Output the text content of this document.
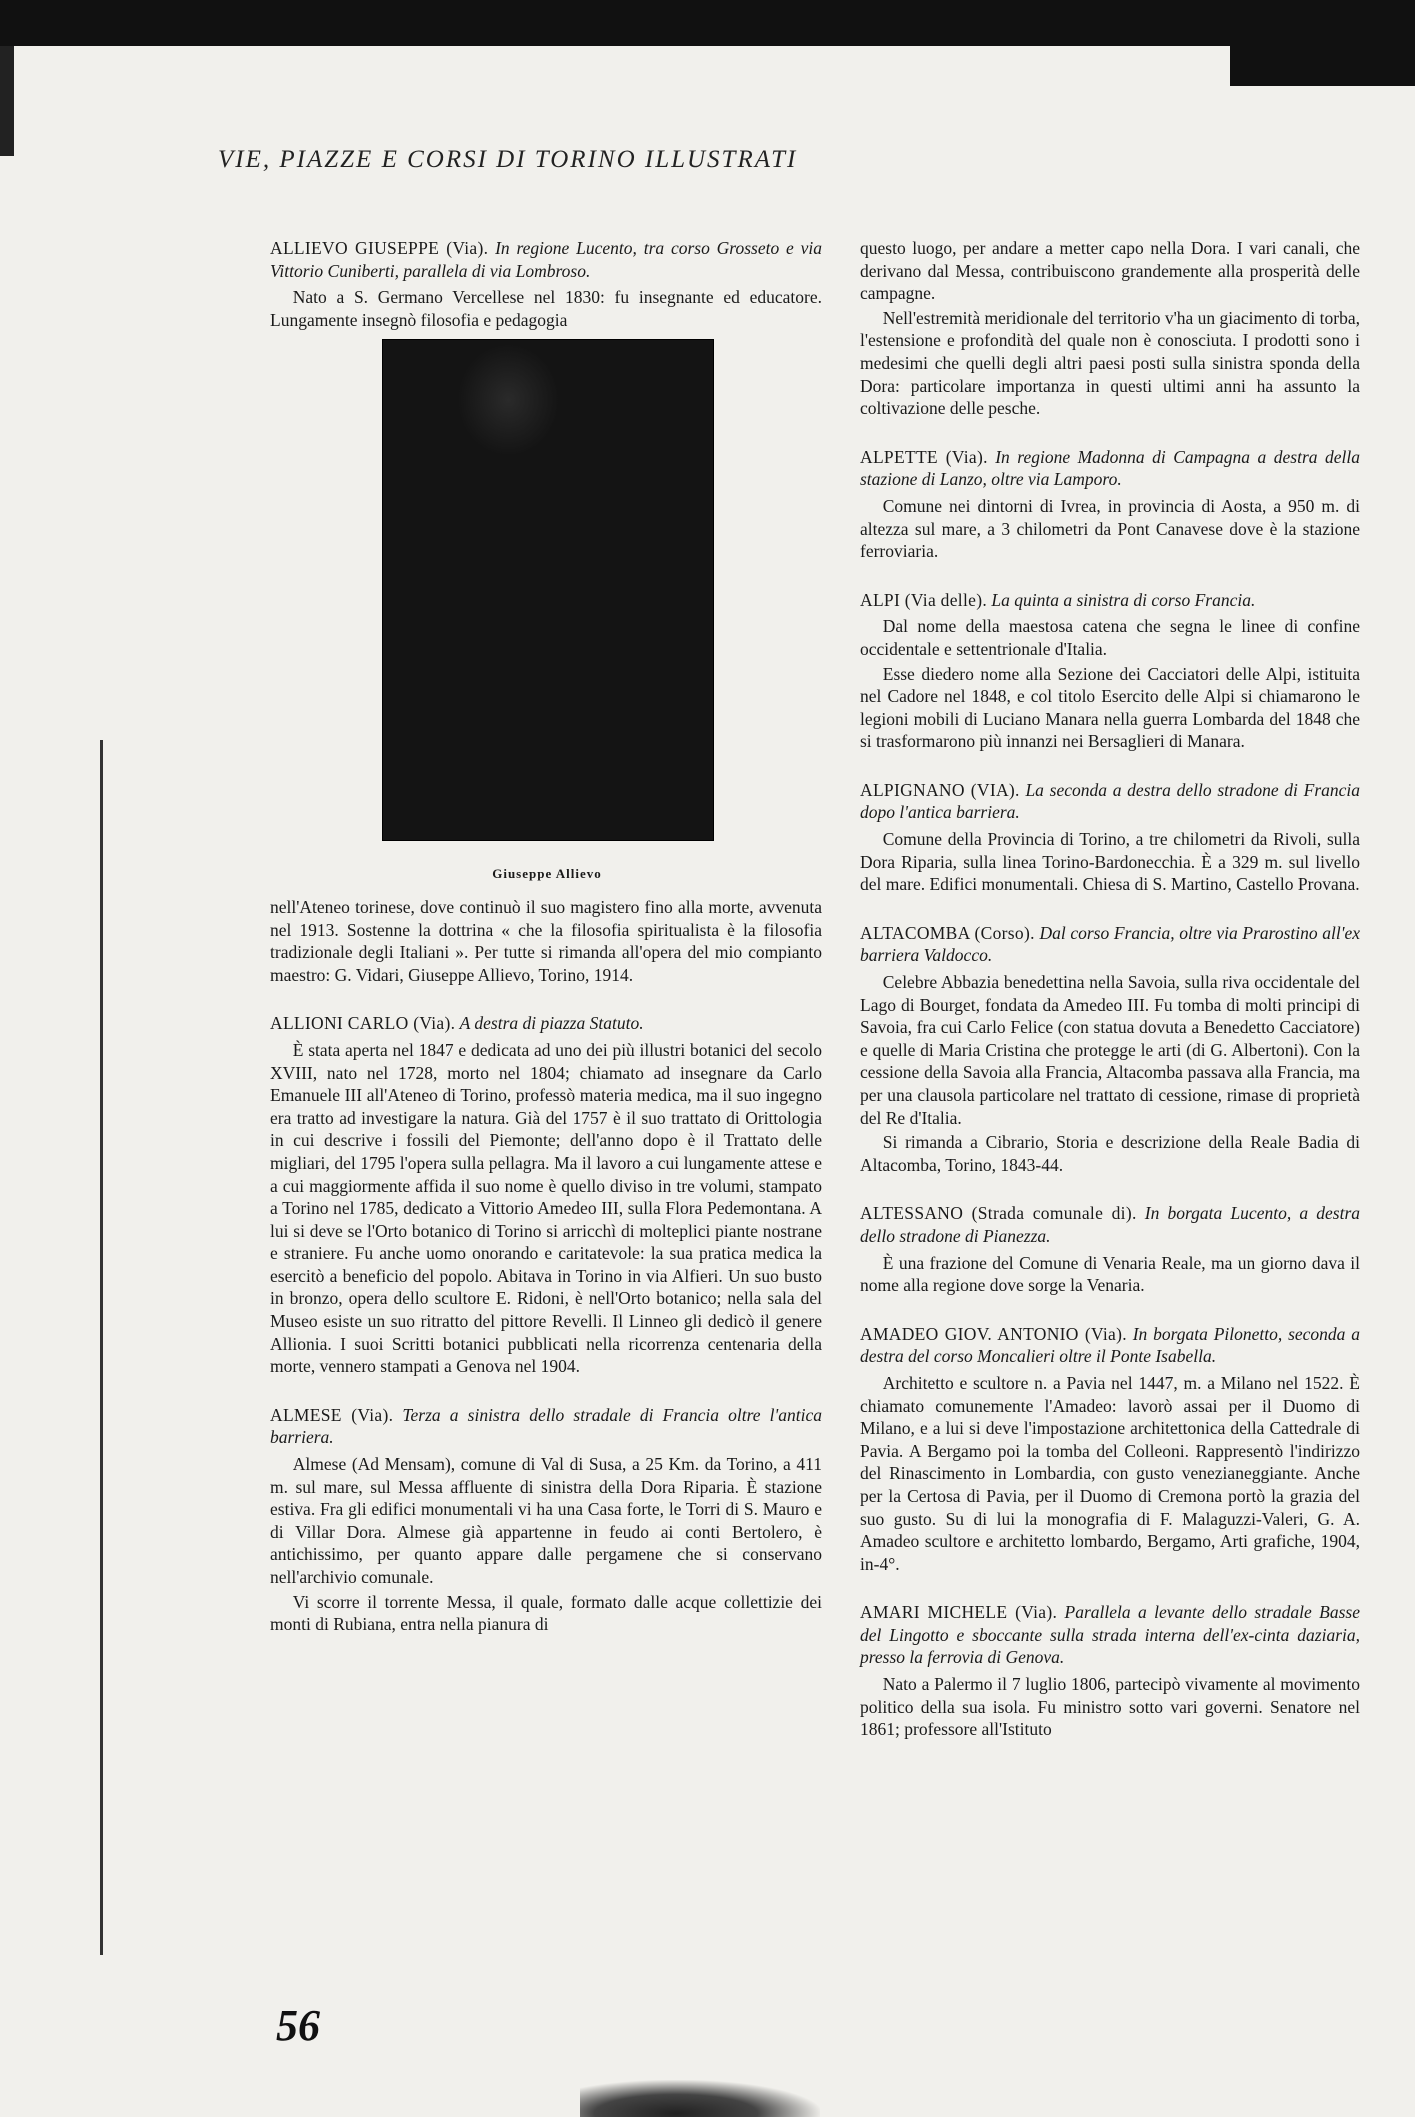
VIE, PIAZZE E CORSI DI TORINO ILLUSTRATI

ALLIEVO GIUSEPPE (Via). In regione Lucento, tra corso Grosseto e via Vittorio Cuniberti, parallela di via Lombroso.

Nato a S. Germano Vercellese nel 1830: fu insegnante ed educatore. Lungamente insegnò filosofia e pedagogia

Giuseppe Allievo

nell'Ateneo torinese, dove continuò il suo magistero fino alla morte, avvenuta nel 1913. Sostenne la dottrina « che la filosofia spiritualista è la filosofia tradizionale degli Italiani ». Per tutte si rimanda all'opera del mio compianto maestro: G. Vidari, Giuseppe Allievo, Torino, 1914.

ALLIONI CARLO (Via). A destra di piazza Statuto.

È stata aperta nel 1847 e dedicata ad uno dei più illustri botanici del secolo XVIII, nato nel 1728, morto nel 1804; chiamato ad insegnare da Carlo Emanuele III all'Ateneo di Torino, professò materia medica, ma il suo ingegno era tratto ad investigare la natura. Già del 1757 è il suo trattato di Orittologia in cui descrive i fossili del Piemonte; dell'anno dopo è il Trattato delle migliari, del 1795 l'opera sulla pellagra. Ma il lavoro a cui lungamente attese e a cui maggiormente affida il suo nome è quello diviso in tre volumi, stampato a Torino nel 1785, dedicato a Vittorio Amedeo III, sulla Flora Pedemontana. A lui si deve se l'Orto botanico di Torino si arricchì di molteplici piante nostrane e straniere. Fu anche uomo onorando e caritatevole: la sua pratica medica la esercitò a beneficio del popolo. Abitava in Torino in via Alfieri. Un suo busto in bronzo, opera dello scultore E. Ridoni, è nell'Orto botanico; nella sala del Museo esiste un suo ritratto del pittore Revelli. Il Linneo gli dedicò il genere Allionia. I suoi Scritti botanici pubblicati nella ricorrenza centenaria della morte, vennero stampati a Genova nel 1904.

ALMESE (Via). Terza a sinistra dello stradale di Francia oltre l'antica barriera.

Almese (Ad Mensam), comune di Val di Susa, a 25 Km. da Torino, a 411 m. sul mare, sul Messa affluente di sinistra della Dora Riparia. È stazione estiva. Fra gli edifici monumentali vi ha una Casa forte, le Torri di S. Mauro e di Villar Dora. Almese già appartenne in feudo ai conti Bertolero, è antichissimo, per quanto appare dalle pergamene che si conservano nell'archivio comunale.

Vi scorre il torrente Messa, il quale, formato dalle acque collettizie dei monti di Rubiana, entra nella pianura di

questo luogo, per andare a metter capo nella Dora. I vari canali, che derivano dal Messa, contribuiscono grandemente alla prosperità delle campagne.

Nell'estremità meridionale del territorio v'ha un giacimento di torba, l'estensione e profondità del quale non è conosciuta. I prodotti sono i medesimi che quelli degli altri paesi posti sulla sinistra sponda della Dora: particolare importanza in questi ultimi anni ha assunto la coltivazione delle pesche.

ALPETTE (Via). In regione Madonna di Campagna a destra della stazione di Lanzo, oltre via Lamporo.

Comune nei dintorni di Ivrea, in provincia di Aosta, a 950 m. di altezza sul mare, a 3 chilometri da Pont Canavese dove è la stazione ferroviaria.

ALPI (Via delle). La quinta a sinistra di corso Francia.

Dal nome della maestosa catena che segna le linee di confine occidentale e settentrionale d'Italia.

Esse diedero nome alla Sezione dei Cacciatori delle Alpi, istituita nel Cadore nel 1848, e col titolo Esercito delle Alpi si chiamarono le legioni mobili di Luciano Manara nella guerra Lombarda del 1848 che si trasformarono più innanzi nei Bersaglieri di Manara.

ALPIGNANO (VIA). La seconda a destra dello stradone di Francia dopo l'antica barriera.

Comune della Provincia di Torino, a tre chilometri da Rivoli, sulla Dora Riparia, sulla linea Torino-Bardonecchia. È a 329 m. sul livello del mare. Edifici monumentali. Chiesa di S. Martino, Castello Provana.

ALTACOMBA (Corso). Dal corso Francia, oltre via Prarostino all'ex barriera Valdocco.

Celebre Abbazia benedettina nella Savoia, sulla riva occidentale del Lago di Bourget, fondata da Amedeo III. Fu tomba di molti principi di Savoia, fra cui Carlo Felice (con statua dovuta a Benedetto Cacciatore) e quelle di Maria Cristina che protegge le arti (di G. Albertoni). Con la cessione della Savoia alla Francia, Altacomba passava alla Francia, ma per una clausola particolare nel trattato di cessione, rimase di proprietà del Re d'Italia.

Si rimanda a Cibrario, Storia e descrizione della Reale Badia di Altacomba, Torino, 1843-44.

ALTESSANO (Strada comunale di). In borgata Lucento, a destra dello stradone di Pianezza.

È una frazione del Comune di Venaria Reale, ma un giorno dava il nome alla regione dove sorge la Venaria.

AMADEO GIOV. ANTONIO (Via). In borgata Pilonetto, seconda a destra del corso Moncalieri oltre il Ponte Isabella.

Architetto e scultore n. a Pavia nel 1447, m. a Milano nel 1522. È chiamato comunemente l'Amadeo: lavorò assai per il Duomo di Milano, e a lui si deve l'impostazione architettonica della Cattedrale di Pavia. A Bergamo poi la tomba del Colleoni. Rappresentò l'indirizzo del Rinascimento in Lombardia, con gusto venezianeggiante. Anche per la Certosa di Pavia, per il Duomo di Cremona portò la grazia del suo gusto. Su di lui la monografia di F. Malaguzzi-Valeri, G. A. Amadeo scultore e architetto lombardo, Bergamo, Arti grafiche, 1904, in-4°.

AMARI MICHELE (Via). Parallela a levante dello stradale Basse del Lingotto e sboccante sulla strada interna dell'ex-cinta daziaria, presso la ferrovia di Genova.

Nato a Palermo il 7 luglio 1806, partecipò vivamente al movimento politico della sua isola. Fu ministro sotto vari governi. Senatore nel 1861; professore all'Istituto

56
